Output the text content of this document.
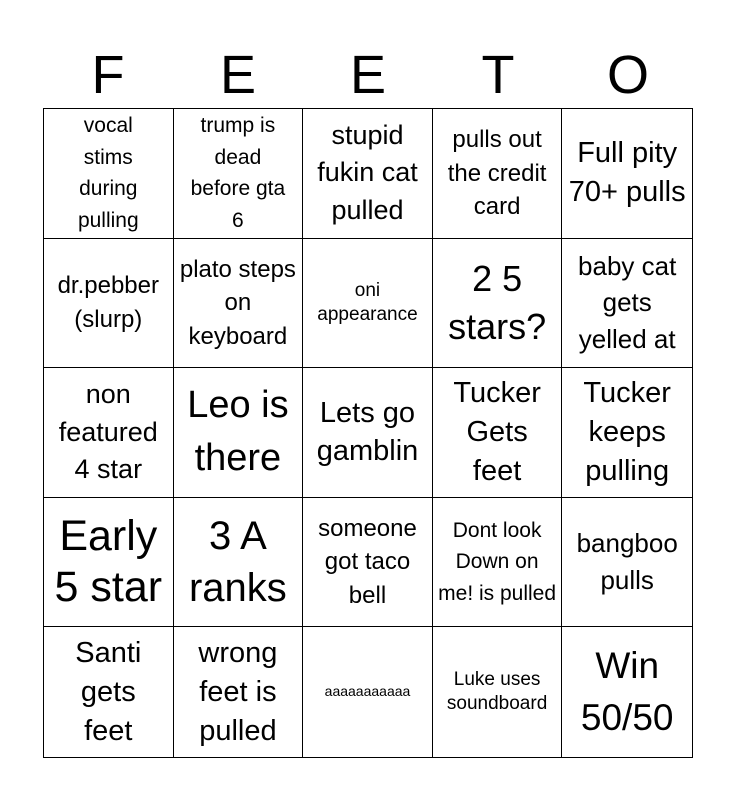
F	E	E	T	O
vocal stims during pulling
trump is dead before gta 6
stupid fukin cat pulled
pulls out the credit card
Full pity 70+ pulls
dr.pebber (slurp)
plato steps on keyboard
oni appearance
2 5 stars?
baby cat gets yelled at
non featured 4 star
Leo is there
Lets go gamblin
Tucker Gets feet
Tucker keeps pulling
Early 5 star
3 A ranks
someone got taco bell
Dont look Down on me! is pulled
bangboo pulls
Santi gets feet
wrong feet is pulled
aaaaaaaaaaa
Luke uses soundboard
Win 50/50
